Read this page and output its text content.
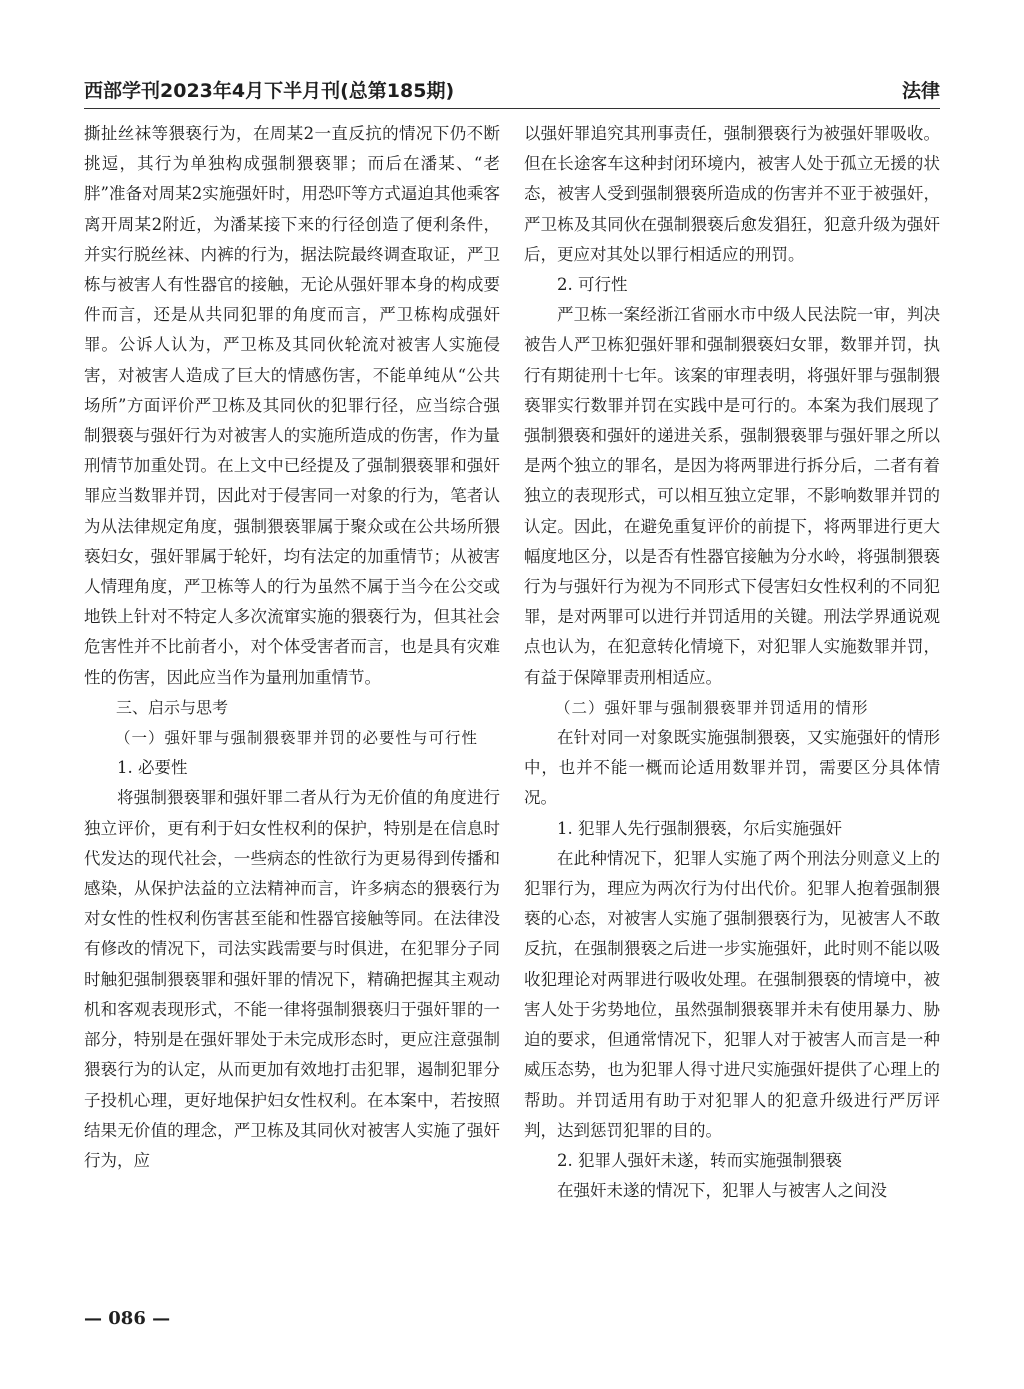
西部学刊2023年4月下半月刊(总第185期)	法律

撕扯丝袜等猥亵行为，在周某2一直反抗的情况下仍不断挑逗，其行为单独构成强制猥亵罪；而后在潘某、“老胖”准备对周某2实施强奸时，用恐吓等方式逼迫其他乘客离开周某2附近，为潘某接下来的行径创造了便利条件，并实行脱丝袜、内裤的行为，据法院最终调查取证，严卫栋与被害人有性器官的接触，无论从强奸罪本身的构成要件而言，还是从共同犯罪的角度而言，严卫栋构成强奸罪。公诉人认为，严卫栋及其同伙轮流对被害人实施侵害，对被害人造成了巨大的情感伤害，不能单纯从“公共场所”方面评价严卫栋及其同伙的犯罪行径，应当综合强制猥亵与强奸行为对被害人的实施所造成的伤害，作为量刑情节加重处罚。在上文中已经提及了强制猥亵罪和强奸罪应当数罪并罚，因此对于侵害同一对象的行为，笔者认为从法律规定角度，强制猥亵罪属于聚众或在公共场所猥亵妇女，强奸罪属于轮奸，均有法定的加重情节；从被害人情理角度，严卫栋等人的行为虽然不属于当今在公交或地铁上针对不特定人多次流窜实施的猥亵行为，但其社会危害性并不比前者小，对个体受害者而言，也是具有灾难性的伤害，因此应当作为量刑加重情节。

三、启示与思考

（一）强奸罪与强制猥亵罪并罚的必要性与可行性

1. 必要性

将强制猥亵罪和强奸罪二者从行为无价值的角度进行独立评价，更有利于妇女性权利的保护，特别是在信息时代发达的现代社会，一些病态的性欲行为更易得到传播和感染，从保护法益的立法精神而言，许多病态的猥亵行为对女性的性权利伤害甚至能和性器官接触等同。在法律没有修改的情况下，司法实践需要与时俱进，在犯罪分子同时触犯强制猥亵罪和强奸罪的情况下，精确把握其主观动机和客观表现形式，不能一律将强制猥亵归于强奸罪的一部分，特别是在强奸罪处于未完成形态时，更应注意强制猥亵行为的认定，从而更加有效地打击犯罪，遏制犯罪分子投机心理，更好地保护妇女性权利。在本案中，若按照结果无价值的理念，严卫栋及其同伙对被害人实施了强奸行为，应

以强奸罪追究其刑事责任，强制猥亵行为被强奸罪吸收。但在长途客车这种封闭环境内，被害人处于孤立无援的状态，被害人受到强制猥亵所造成的伤害并不亚于被强奸，严卫栋及其同伙在强制猥亵后愈发猖狂，犯意升级为强奸后，更应对其处以罪行相适应的刑罚。

2. 可行性

严卫栋一案经浙江省丽水市中级人民法院一审，判决被告人严卫栋犯强奸罪和强制猥亵妇女罪，数罪并罚，执行有期徒刑十七年。该案的审理表明，将强奸罪与强制猥亵罪实行数罪并罚在实践中是可行的。本案为我们展现了强制猥亵和强奸的递进关系，强制猥亵罪与强奸罪之所以是两个独立的罪名，是因为将两罪进行拆分后，二者有着独立的表现形式，可以相互独立定罪，不影响数罪并罚的认定。因此，在避免重复评价的前提下，将两罪进行更大幅度地区分，以是否有性器官接触为分水岭，将强制猥亵行为与强奸行为视为不同形式下侵害妇女性权利的不同犯罪，是对两罪可以进行并罚适用的关键。刑法学界通说观点也认为，在犯意转化情境下，对犯罪人实施数罪并罚，有益于保障罪责刑相适应。

（二）强奸罪与强制猥亵罪并罚适用的情形

在针对同一对象既实施强制猥亵，又实施强奸的情形中，也并不能一概而论适用数罪并罚，需要区分具体情况。

1. 犯罪人先行强制猥亵，尔后实施强奸

在此种情况下，犯罪人实施了两个刑法分则意义上的犯罪行为，理应为两次行为付出代价。犯罪人抱着强制猥亵的心态，对被害人实施了强制猥亵行为，见被害人不敢反抗，在强制猥亵之后进一步实施强奸，此时则不能以吸收犯理论对两罪进行吸收处理。在强制猥亵的情境中，被害人处于劣势地位，虽然强制猥亵罪并未有使用暴力、胁迫的要求，但通常情况下，犯罪人对于被害人而言是一种威压态势，也为犯罪人得寸进尺实施强奸提供了心理上的帮助。并罚适用有助于对犯罪人的犯意升级进行严厉评判，达到惩罚犯罪的目的。

2. 犯罪人强奸未遂，转而实施强制猥亵

在强奸未遂的情况下，犯罪人与被害人之间没

— 086 —
